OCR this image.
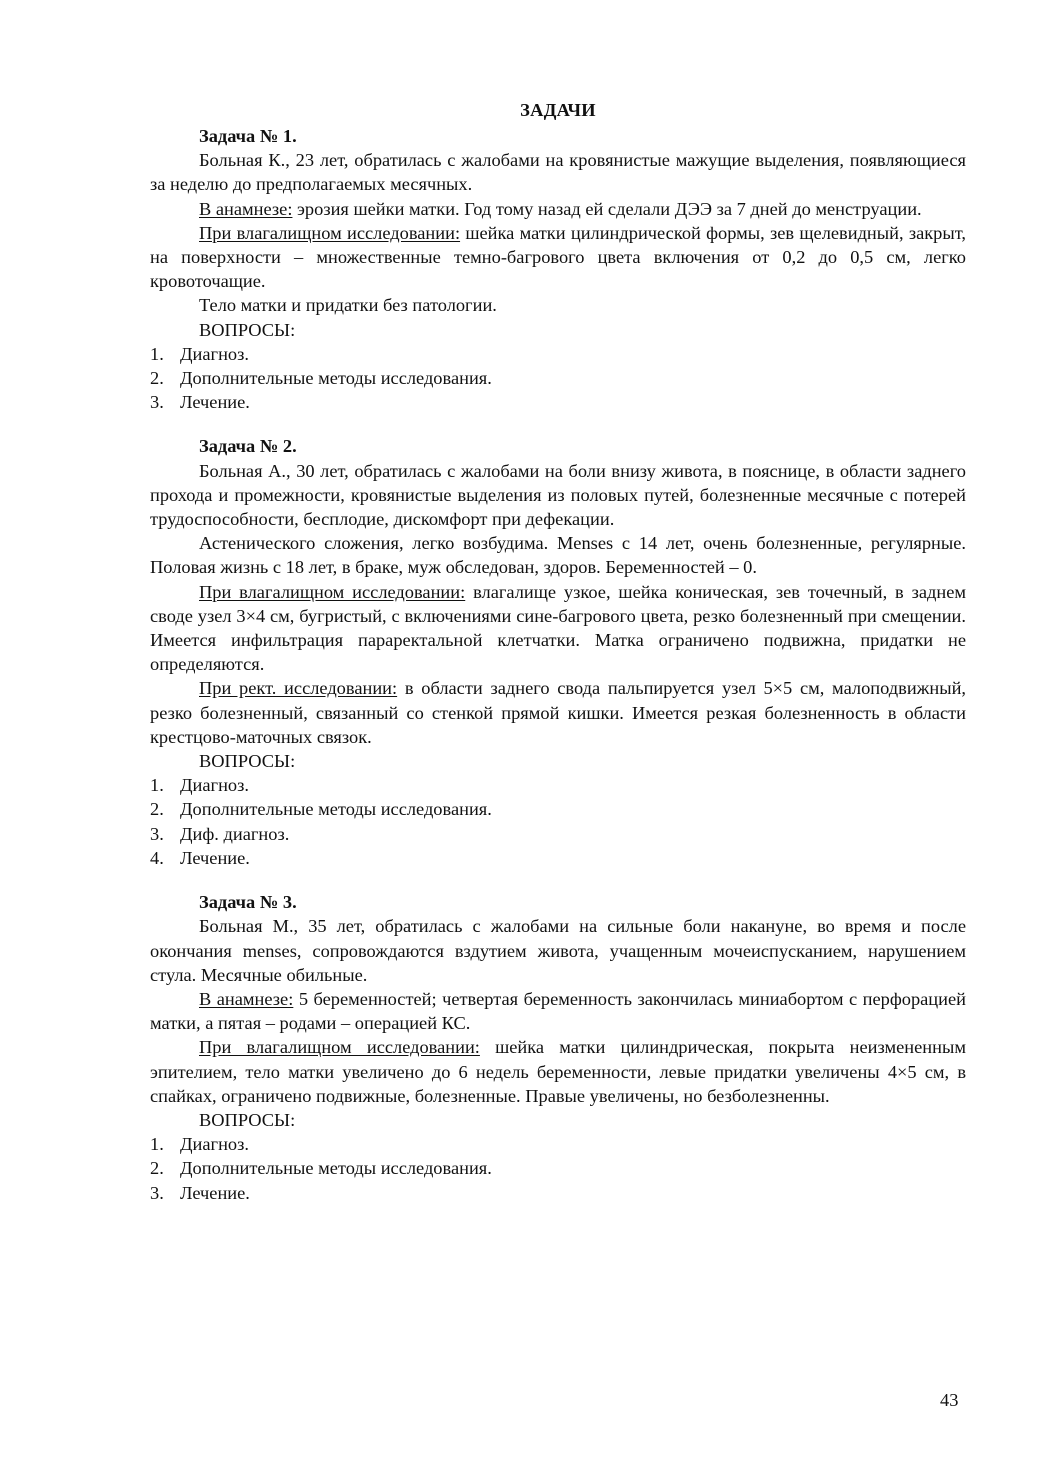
ЗАДАЧИ
Задача № 1.

Больная К., 23 лет, обратилась с жалобами на кровянистые мажущие выделения, появляющиеся за неделю до предполагаемых месячных.

В анамнезе: эрозия шейки матки. Год тому назад ей сделали ДЭЭ за 7 дней до менструации.

При влагалищном исследовании: шейка матки цилиндрической формы, зев щелевидный, закрыт, на поверхности – множественные темно-багрового цвета включения от 0,2 до 0,5 см, легко кровоточащие.

Тело матки и придатки без патологии.

ВОПРОСЫ:
1. Диагноз.
2. Дополнительные методы исследования.
3. Лечение.
Задача № 2.

Больная А., 30 лет, обратилась с жалобами на боли внизу живота, в пояснице, в области заднего прохода и промежности, кровянистые выделения из половых путей, болезненные месячные с потерей трудоспособности, бесплодие, дискомфорт при дефекации.

Астенического сложения, легко возбудима. Menses с 14 лет, очень болезненные, регулярные. Половая жизнь с 18 лет, в браке, муж обследован, здоров. Беременностей – 0.

При влагалищном исследовании: влагалище узкое, шейка коническая, зев точечный, в заднем своде узел 3×4 см, бугристый, с включениями сине-багрового цвета, резко болезненный при смещении. Имеется инфильтрация параректальной клетчатки. Матка ограничено подвижна, придатки не определяются.

При рект. исследовании: в области заднего свода пальпируется узел 5×5 см, малоподвижный, резко болезненный, связанный со стенкой прямой кишки. Имеется резкая болезненность в области крестцово-маточных связок.

ВОПРОСЫ:
1. Диагноз.
2. Дополнительные методы исследования.
3. Диф. диагноз.
4. Лечение.
Задача № 3.

Больная М., 35 лет, обратилась с жалобами на сильные боли накануне, во время и после окончания menses, сопровождаются вздутием живота, учащенным мочеиспусканием, нарушением стула. Месячные обильные.

В анамнезе: 5 беременностей; четвертая беременность закончилась миниабортом с перфорацией матки, а пятая – родами – операцией КС.

При влагалищном исследовании: шейка матки цилиндрическая, покрыта неизмененным эпителием, тело матки увеличено до 6 недель беременности, левые придатки увеличены 4×5 см, в спайках, ограничено подвижные, болезненные. Правые увеличены, но безболезненны.

ВОПРОСЫ:
1. Диагноз.
2. Дополнительные методы исследования.
3. Лечение.
43
